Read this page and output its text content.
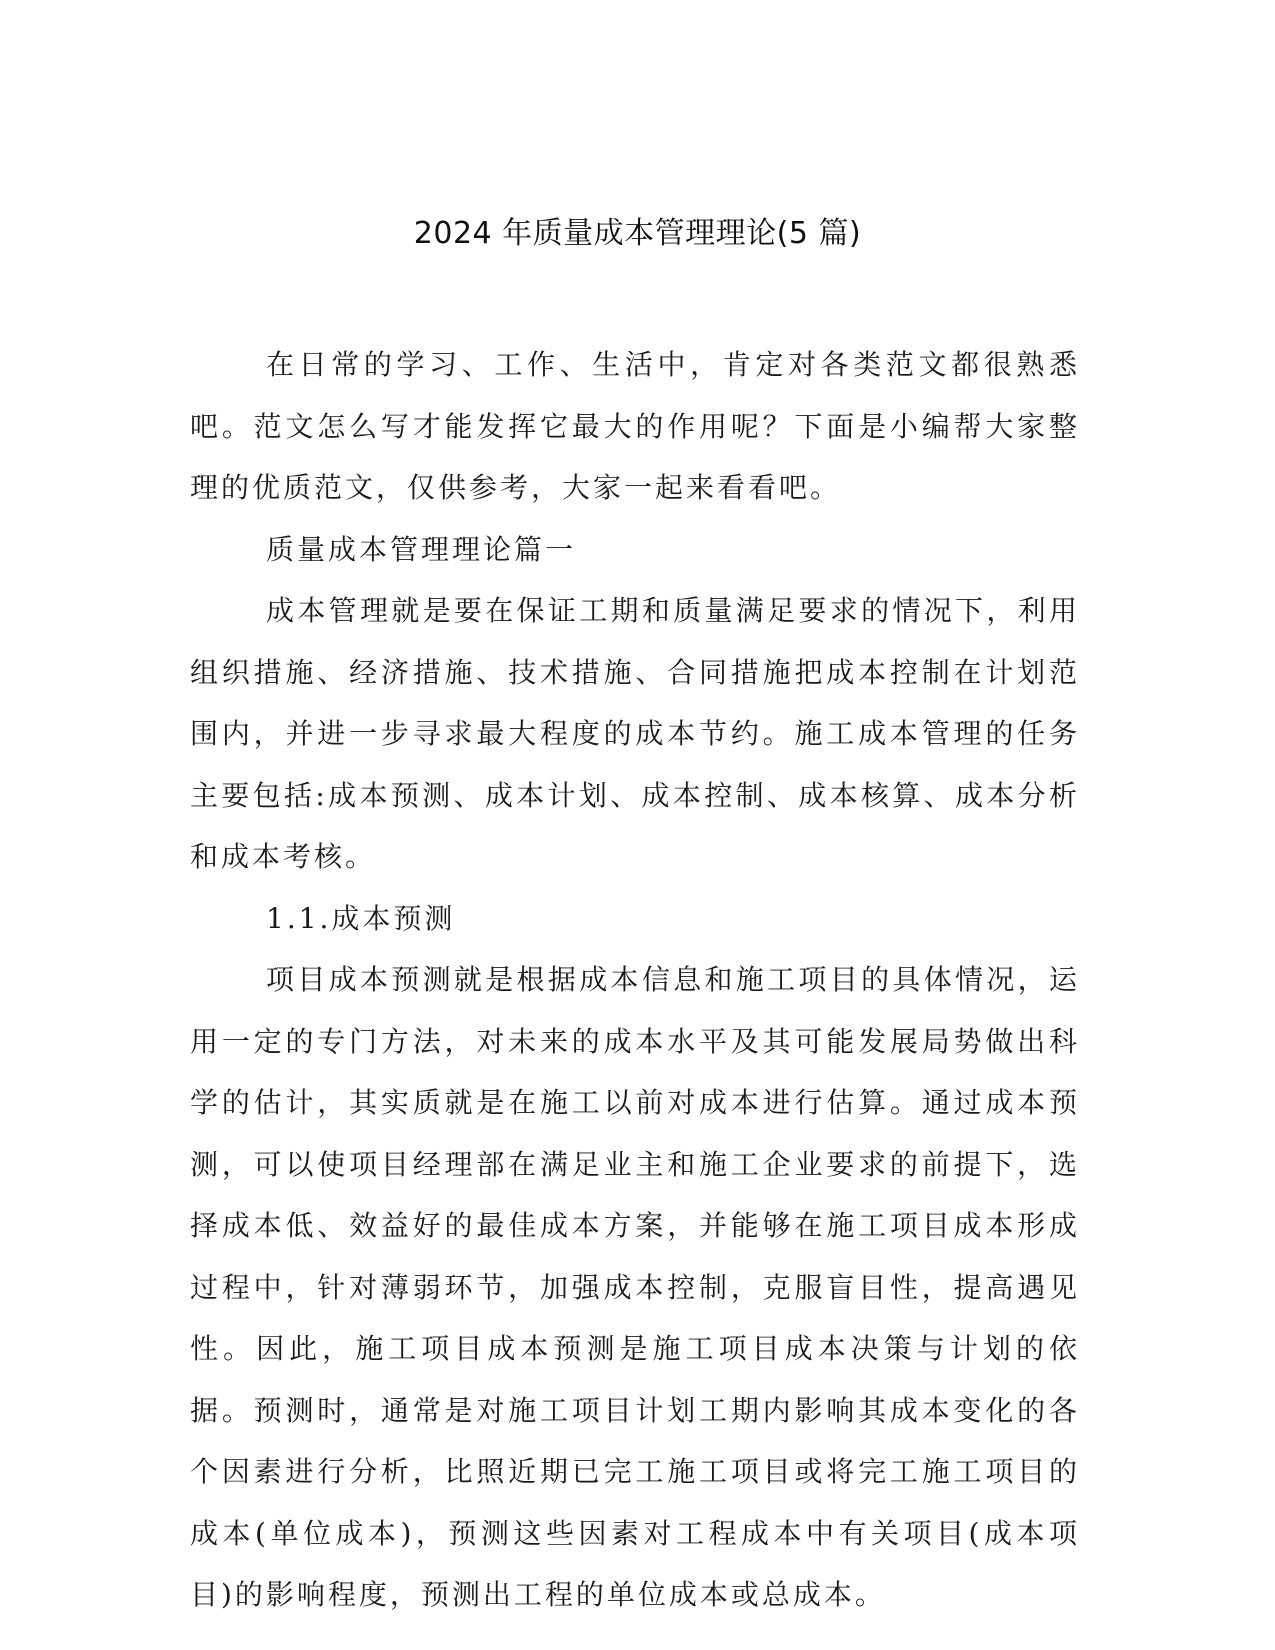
2024 年质量成本管理理论(5 篇)

在日常的学习、工作、生活中，肯定对各类范文都很熟悉吧。范文怎么写才能发挥它最大的作用呢？下面是小编帮大家整理的优质范文，仅供参考，大家一起来看看吧。

质量成本管理理论篇一

成本管理就是要在保证工期和质量满足要求的情况下，利用组织措施、经济措施、技术措施、合同措施把成本控制在计划范围内，并进一步寻求最大程度的成本节约。施工成本管理的任务主要包括:成本预测、成本计划、成本控制、成本核算、成本分析和成本考核。

1.1.成本预测

项目成本预测就是根据成本信息和施工项目的具体情况，运用一定的专门方法，对未来的成本水平及其可能发展局势做出科学的估计，其实质就是在施工以前对成本进行估算。通过成本预测，可以使项目经理部在满足业主和施工企业要求的前提下，选择成本低、效益好的最佳成本方案，并能够在施工项目成本形成过程中，针对薄弱环节，加强成本控制，克服盲目性，提高遇见性。因此，施工项目成本预测是施工项目成本决策与计划的依据。预测时，通常是对施工项目计划工期内影响其成本变化的各个因素进行分析，比照近期已完工施工项目或将完工施工项目的成本(单位成本)，预测这些因素对工程成本中有关项目(成本项目)的影响程度，预测出工程的单位成本或总成本。
